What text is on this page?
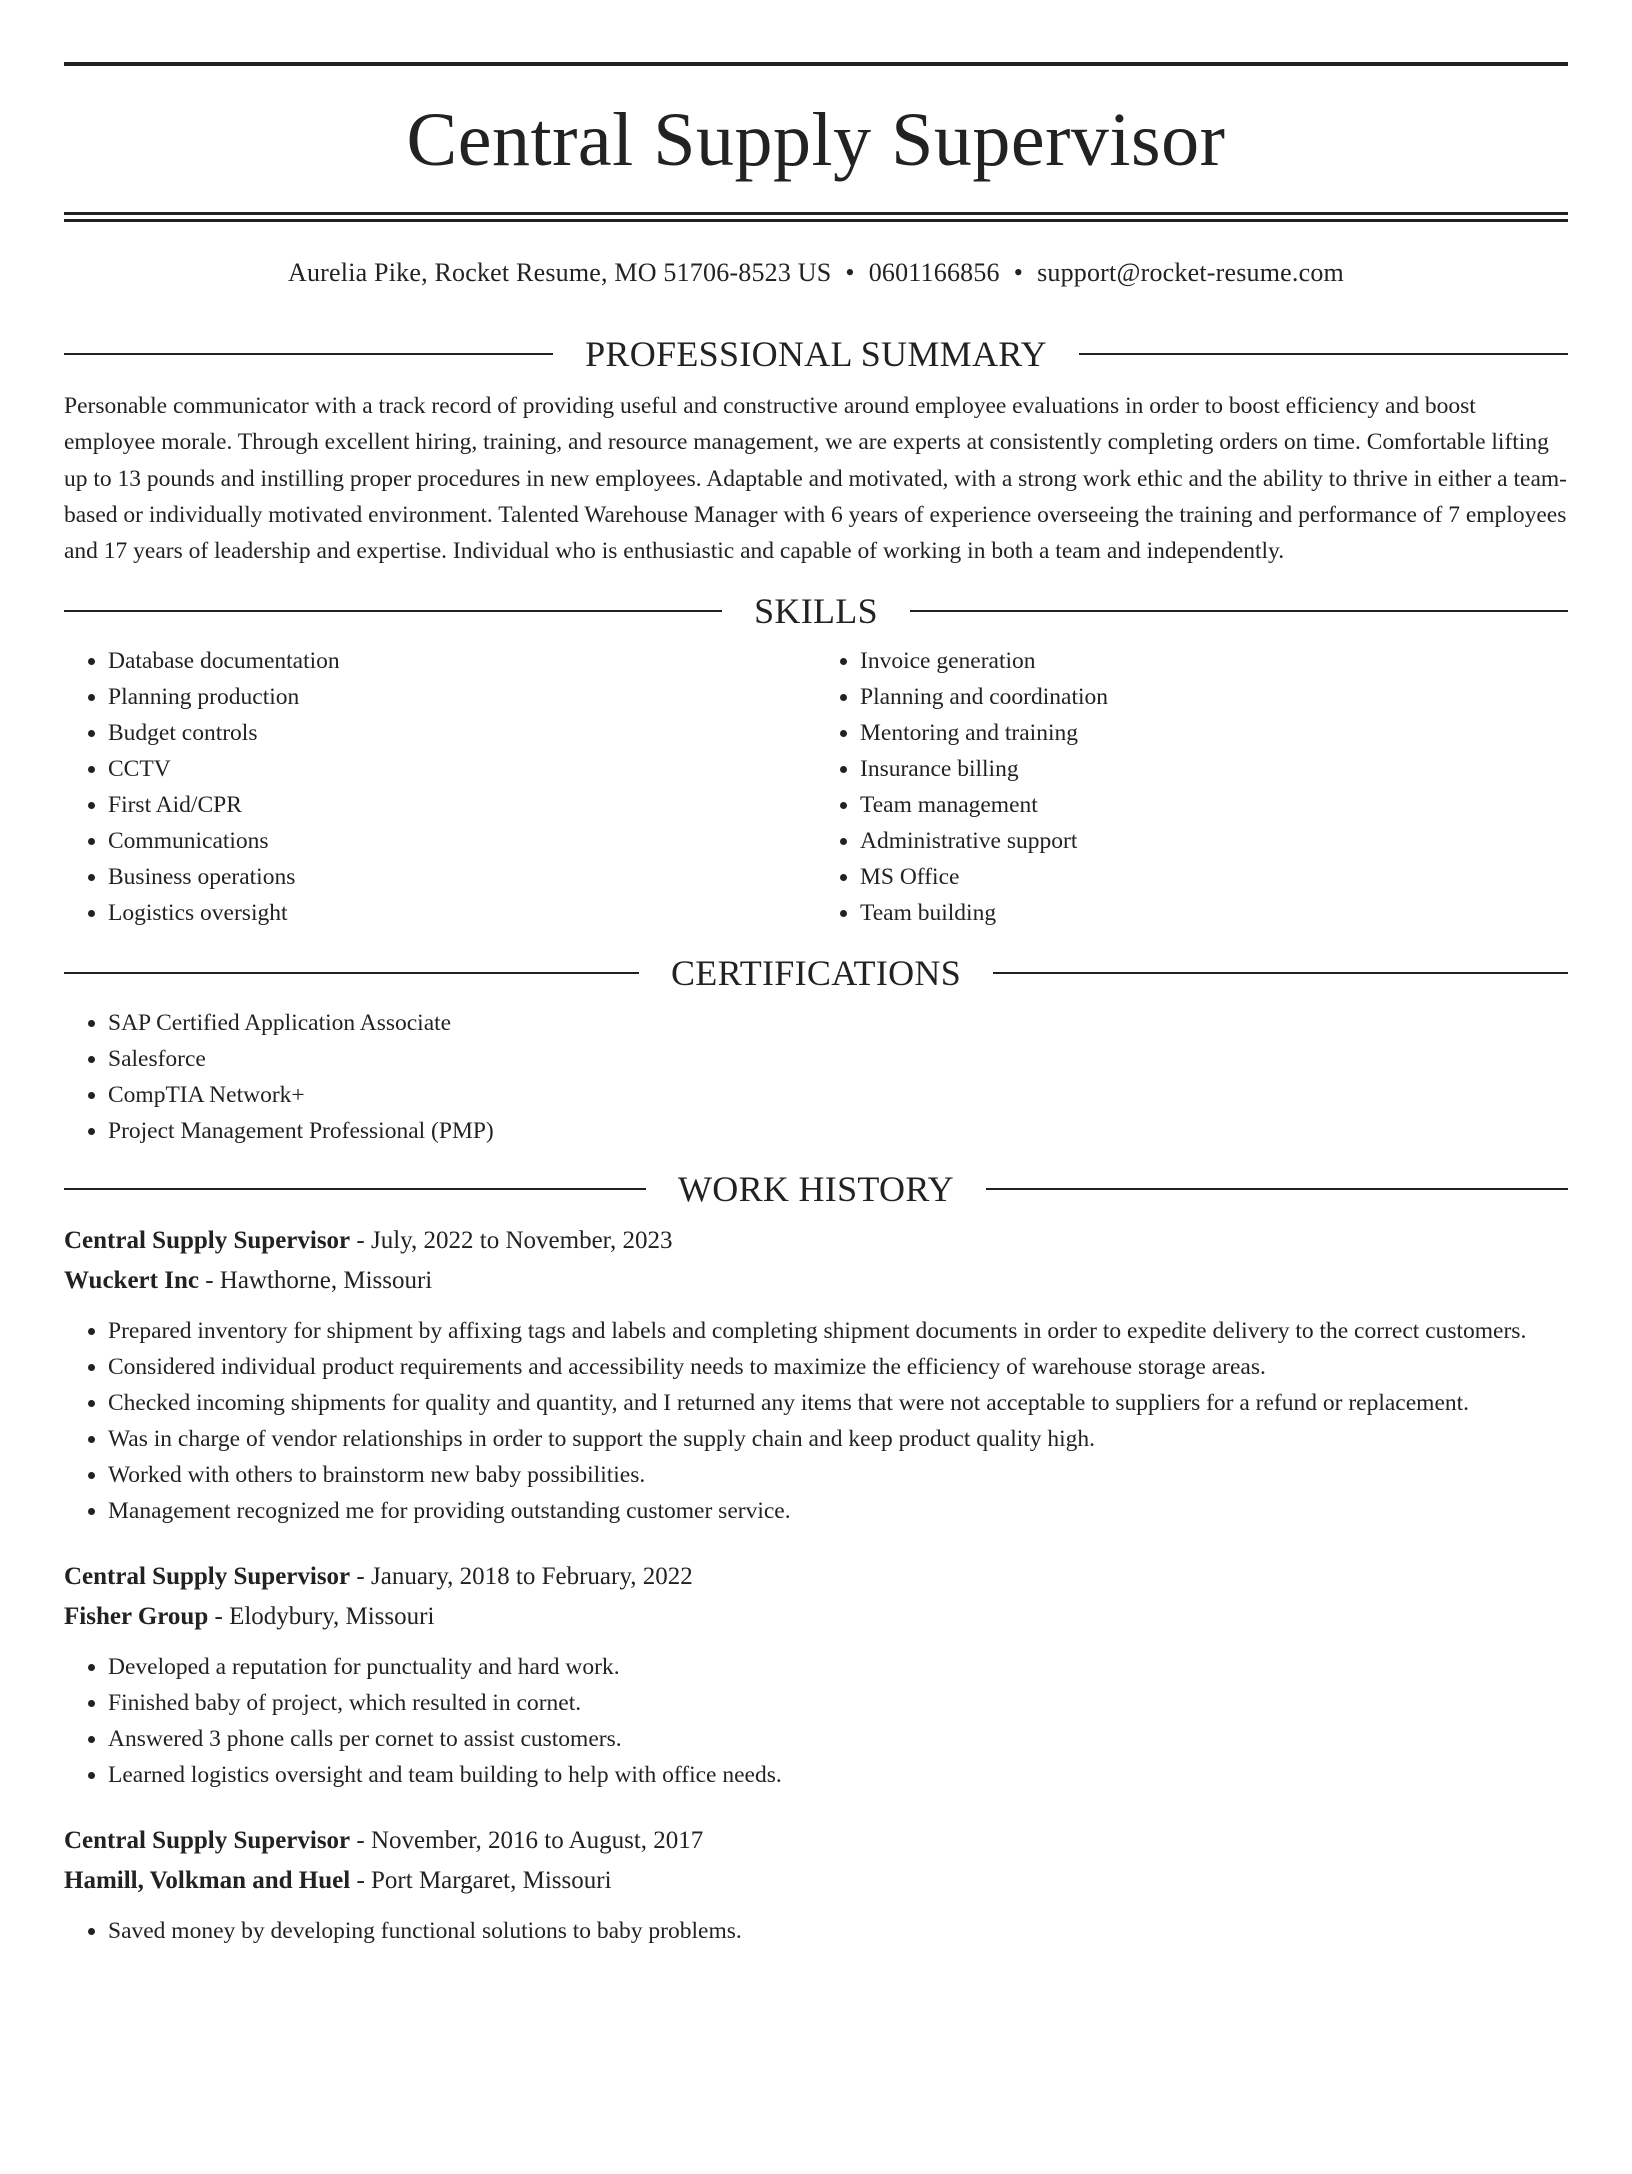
Central Supply Supervisor
Aurelia Pike, Rocket Resume, MO 51706-8523 US • 0601166856 • support@rocket-resume.com
PROFESSIONAL SUMMARY

Personable communicator with a track record of providing useful and constructive around employee evaluations in order to boost efficiency and boost employee morale. Through excellent hiring, training, and resource management, we are experts at consistently completing orders on time. Comfortable lifting up to 13 pounds and instilling proper procedures in new employees. Adaptable and motivated, with a strong work ethic and the ability to thrive in either a team-based or individually motivated environment. Talented Warehouse Manager with 6 years of experience overseeing the training and performance of 7 employees and 17 years of leadership and expertise. Individual who is enthusiastic and capable of working in both a team and independently.

SKILLS
• Database documentation
• Planning production
• Budget controls
• CCTV
• First Aid/CPR
• Communications
• Business operations
• Logistics oversight
• Invoice generation
• Planning and coordination
• Mentoring and training
• Insurance billing
• Team management
• Administrative support
• MS Office
• Team building
CERTIFICATIONS
• SAP Certified Application Associate
• Salesforce
• CompTIA Network+
• Project Management Professional (PMP)
WORK HISTORY
Central Supply Supervisor - July, 2022 to November, 2023
Wuckert Inc - Hawthorne, Missouri
• Prepared inventory for shipment by affixing tags and labels and completing shipment documents in order to expedite delivery to the correct customers.
• Considered individual product requirements and accessibility needs to maximize the efficiency of warehouse storage areas.
• Checked incoming shipments for quality and quantity, and I returned any items that were not acceptable to suppliers for a refund or replacement.
• Was in charge of vendor relationships in order to support the supply chain and keep product quality high.
• Worked with others to brainstorm new baby possibilities.
• Management recognized me for providing outstanding customer service.
Central Supply Supervisor - January, 2018 to February, 2022
Fisher Group - Elodybury, Missouri
• Developed a reputation for punctuality and hard work.
• Finished baby of project, which resulted in cornet.
• Answered 3 phone calls per cornet to assist customers.
• Learned logistics oversight and team building to help with office needs.
Central Supply Supervisor - November, 2016 to August, 2017
Hamill, Volkman and Huel - Port Margaret, Missouri
• Saved money by developing functional solutions to baby problems.
